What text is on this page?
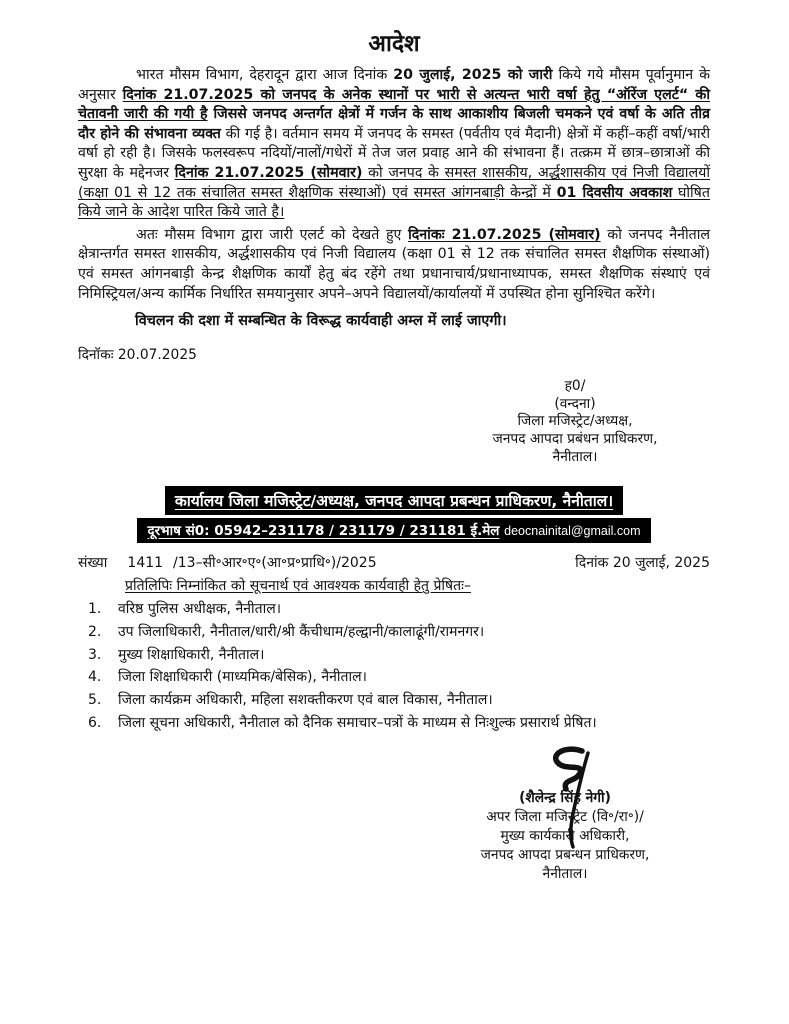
आदेश

भारत मौसम विभाग, देहरादून द्वारा आज दिनांक 20 जुलाई, 2025 को जारी किये गये मौसम पूर्वानुमान के अनुसार दिनांक 21.07.2025 को जनपद के अनेक स्थानों पर भारी से अत्यन्त भारी वर्षा हेतु “ऑरेंज एलर्ट“ की चेतावनी जारी की गयी है जिससे जनपद अन्तर्गत क्षेत्रों में गर्जन के साथ आकाशीय बिजली चमकने एवं वर्षा के अति तीव्र दौर होने की संभावना व्यक्त की गई है। वर्तमान समय में जनपद के समस्त (पर्वतीय एवं मैदानी) क्षेत्रों में कहीं–कहीं वर्षा/भारी वर्षा हो रही है। जिसके फलस्वरूप नदियों/नालों/गधेरों में तेज जल प्रवाह आने की संभावना हैं। तत्क्रम में छात्र–छात्राओं की सुरक्षा के मद्देनजर दिनांक 21.07.2025 (सोमवार) को जनपद के समस्त शासकीय, अर्द्धशासकीय एवं निजी विद्यालयों (कक्षा 01 से 12 तक संचालित समस्त शैक्षणिक संस्थाओं) एवं समस्त आंगनबाड़ी केन्द्रों में 01 दिवसीय अवकाश घोषित किये जाने के आदेश पारित किये जाते है।

अतः मौसम विभाग द्वारा जारी एलर्ट को देखते हुए दिनांकः 21.07.2025 (सोमवार) को जनपद नैनीताल क्षेत्रान्तर्गत समस्त शासकीय, अर्द्धशासकीय एवं निजी विद्यालय (कक्षा 01 से 12 तक संचालित समस्त शैक्षणिक संस्थाओं) एवं समस्त आंगनबाड़ी केन्द्र शैक्षणिक कार्यों हेतु बंद रहेंगे तथा प्रधानाचार्य/प्रधानाध्यापक, समस्त शैक्षणिक संस्थाएं एवं निमिस्ट्रियल/अन्य कार्मिक निर्धारित समयानुसार अपने–अपने विद्यालयों/कार्यालयों में उपस्थित होना सुनिश्चित करेंगे।

विचलन की दशा में सम्बन्धित के विरूद्ध कार्यवाही अम्ल में लाई जाएगी।

दिनॉकः 20.07.2025
ह0/
(वन्दना)
जिला मजिस्ट्रेट/अध्यक्ष,
जनपद आपदा प्रबंधन प्राधिकरण,
नैनीताल।
कार्यालय जिला मजिस्ट्रेट/अध्यक्ष, जनपद आपदा प्रबन्धन प्राधिकरण, नैनीताल।
दूरभाष सं0: 05942–231178 / 231179 / 231181 ई.मेल deocnainital@gmail.com
संख्या 1411 /13–सी॰आर॰ए॰(आ॰प्र॰प्राधि॰)/2025	दिनांक 20 जुलाई, 2025
प्रतिलिपिः निम्नांकित को सूचनार्थ एवं आवश्यक कार्यवाही हेतु प्रेषितः–
1.	वरिष्ठ पुलिस अधीक्षक, नैनीताल।
2.	उप जिलाधिकारी, नैनीताल/धारी/श्री कैंचीधाम/हल्द्वानी/कालाढूंगी/रामनगर।
3.	मुख्य शिक्षाधिकारी, नैनीताल।
4.	जिला शिक्षाधिकारी (माध्यमिक/बेसिक), नैनीताल।
5.	जिला कार्यक्रम अधिकारी, महिला सशक्तीकरण एवं बाल विकास, नैनीताल।
6.	जिला सूचना अधिकारी, नैनीताल को दैनिक समाचार–पत्रों के माध्यम से निःशुल्क प्रसारार्थ प्रेषित।
(शैलेन्द्र सिंह नेगी)
अपर जिला मजिस्ट्रेट (वि॰/रा॰)/
मुख्य कार्यकारी अधिकारी,
जनपद आपदा प्रबन्धन प्राधिकरण,
नैनीताल।
